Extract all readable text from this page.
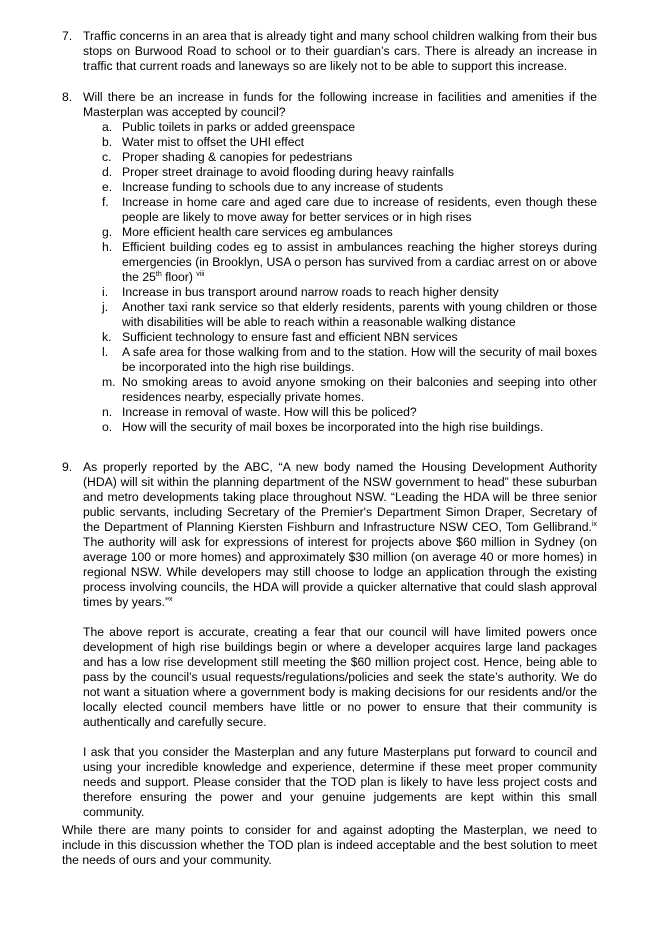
7. Traffic concerns in an area that is already tight and many school children walking from their bus stops on Burwood Road to school or to their guardian’s cars. There is already an increase in traffic that current roads and laneways so are likely not to be able to support this increase.
8. Will there be an increase in funds for the following increase in facilities and amenities if the Masterplan was accepted by council?
a. Public toilets in parks or added greenspace
b. Water mist to offset the UHI effect
c. Proper shading & canopies for pedestrians
d. Proper street drainage to avoid flooding during heavy rainfalls
e. Increase funding to schools due to any increase of students
f. Increase in home care and aged care due to increase of residents, even though these people are likely to move away for better services or in high rises
g. More efficient health care services eg ambulances
h. Efficient building codes eg to assist in ambulances reaching the higher storeys during emergencies (in Brooklyn, USA o person has survived from a cardiac arrest on or above the 25th floor) $^{viii}$
i. Increase in bus transport around narrow roads to reach higher density
j. Another taxi rank service so that elderly residents, parents with young children or those with disabilities will be able to reach within a reasonable walking distance
k. Sufficient technology to ensure fast and efficient NBN services
l. A safe area for those walking from and to the station. How will the security of mail boxes be incorporated into the high rise buildings.
m. No smoking areas to avoid anyone smoking on their balconies and seeping into other residences nearby, especially private homes.
n. Increase in removal of waste. How will this be policed?
o. How will the security of mail boxes be incorporated into the high rise buildings.
9. As properly reported by the ABC, “A new body named the Housing Development Authority (HDA) will sit within the planning department of the NSW government to head” these suburban and metro developments taking place throughout NSW. “Leading the HDA will be three senior public servants, including Secretary of the Premier's Department Simon Draper, Secretary of the Department of Planning Kiersten Fishburn and Infrastructure NSW CEO, Tom Gellibrand.$^{ix}$ The authority will ask for expressions of interest for projects above $60 million in Sydney (on average 100 or more homes) and approximately $30 million (on average 40 or more homes) in regional NSW. While developers may still choose to lodge an application through the existing process involving councils, the HDA will provide a quicker alternative that could slash approval times by years.”$^x$

The above report is accurate, creating a fear that our council will have limited powers once development of high rise buildings begin or where a developer acquires large land packages and has a low rise development still meeting the $60 million project cost. Hence, being able to pass by the council’s usual requests/regulations/policies and seek the state’s authority. We do not want a situation where a government body is making decisions for our residents and/or the locally elected council members have little or no power to ensure that their community is authentically and carefully secure.

I ask that you consider the Masterplan and any future Masterplans put forward to council and using your incredible knowledge and experience, determine if these meet proper community needs and support. Please consider that the TOD plan is likely to have less project costs and therefore ensuring the power and your genuine judgements are kept within this small community.

While there are many points to consider for and against adopting the Masterplan, we need to include in this discussion whether the TOD plan is indeed acceptable and the best solution to meet the needs of ours and your community.
